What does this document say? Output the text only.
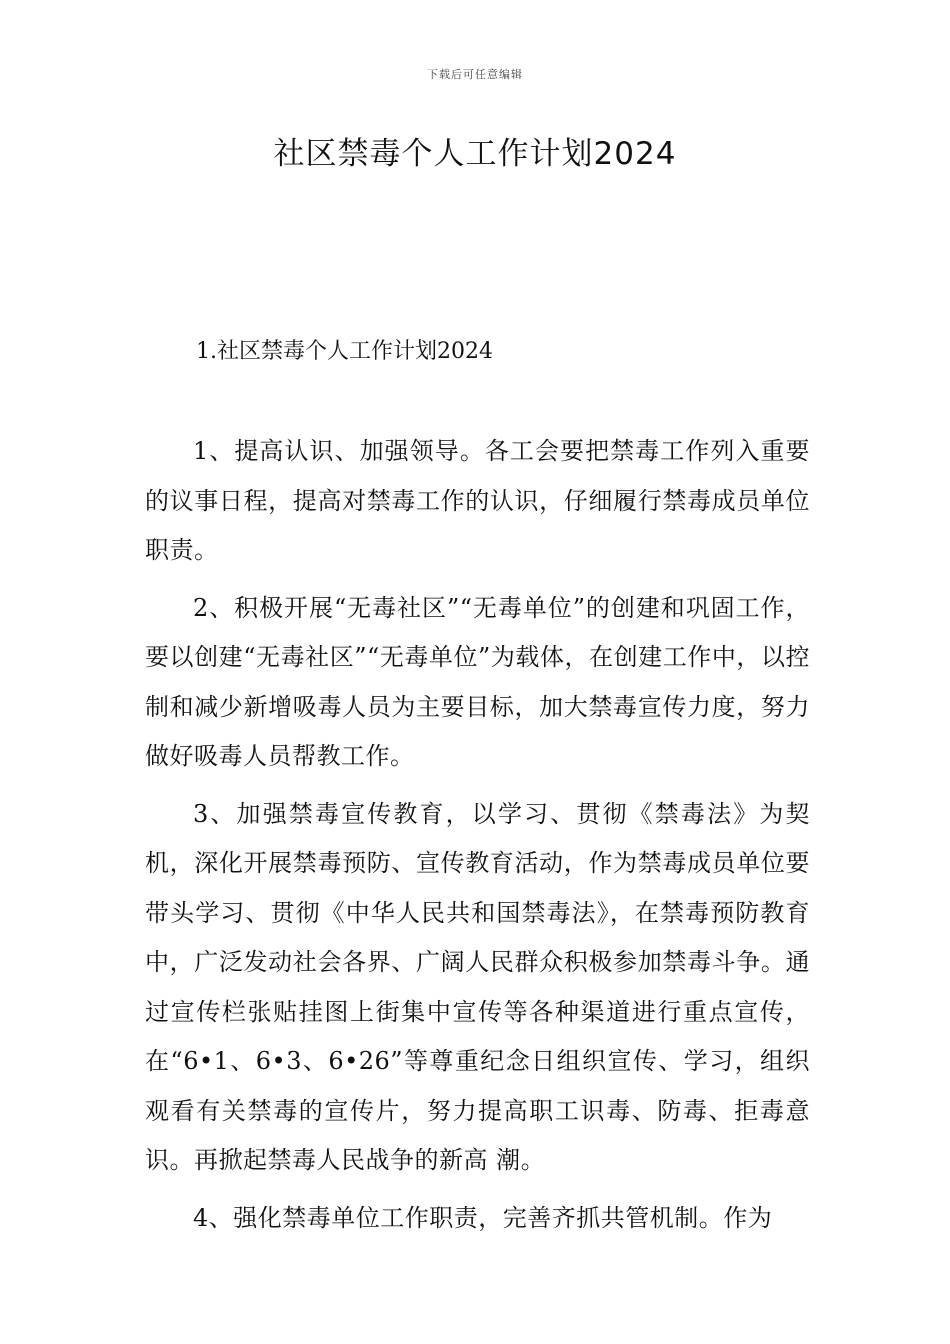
下载后可任意编辑
社区禁毒个人工作计划2024
1.社区禁毒个人工作计划2024

1、提高认识、加强领导。各工会要把禁毒工作列入重要的议事日程，提高对禁毒工作的认识，仔细履行禁毒成员单位职责。

2、积极开展“无毒社区”“无毒单位”的创建和巩固工作，要以创建“无毒社区”“无毒单位”为载体，在创建工作中，以控制和减少新增吸毒人员为主要目标，加大禁毒宣传力度，努力做好吸毒人员帮教工作。

3、加强禁毒宣传教育，以学习、贯彻《禁毒法》为契机，深化开展禁毒预防、宣传教育活动，作为禁毒成员单位要带头学习、贯彻《中华人民共和国禁毒法》，在禁毒预防教育中，广泛发动社会各界、广阔人民群众积极参加禁毒斗争。通过宣传栏张贴挂图上街集中宣传等各种渠道进行重点宣传，在“6•1、6•3、6•26”等尊重纪念日组织宣传、学习，组织观看有关禁毒的宣传片，努力提高职工识毒、防毒、拒毒意识。再掀起禁毒人民战争的新高 潮。

4、强化禁毒单位工作职责，完善齐抓共管机制。作为
